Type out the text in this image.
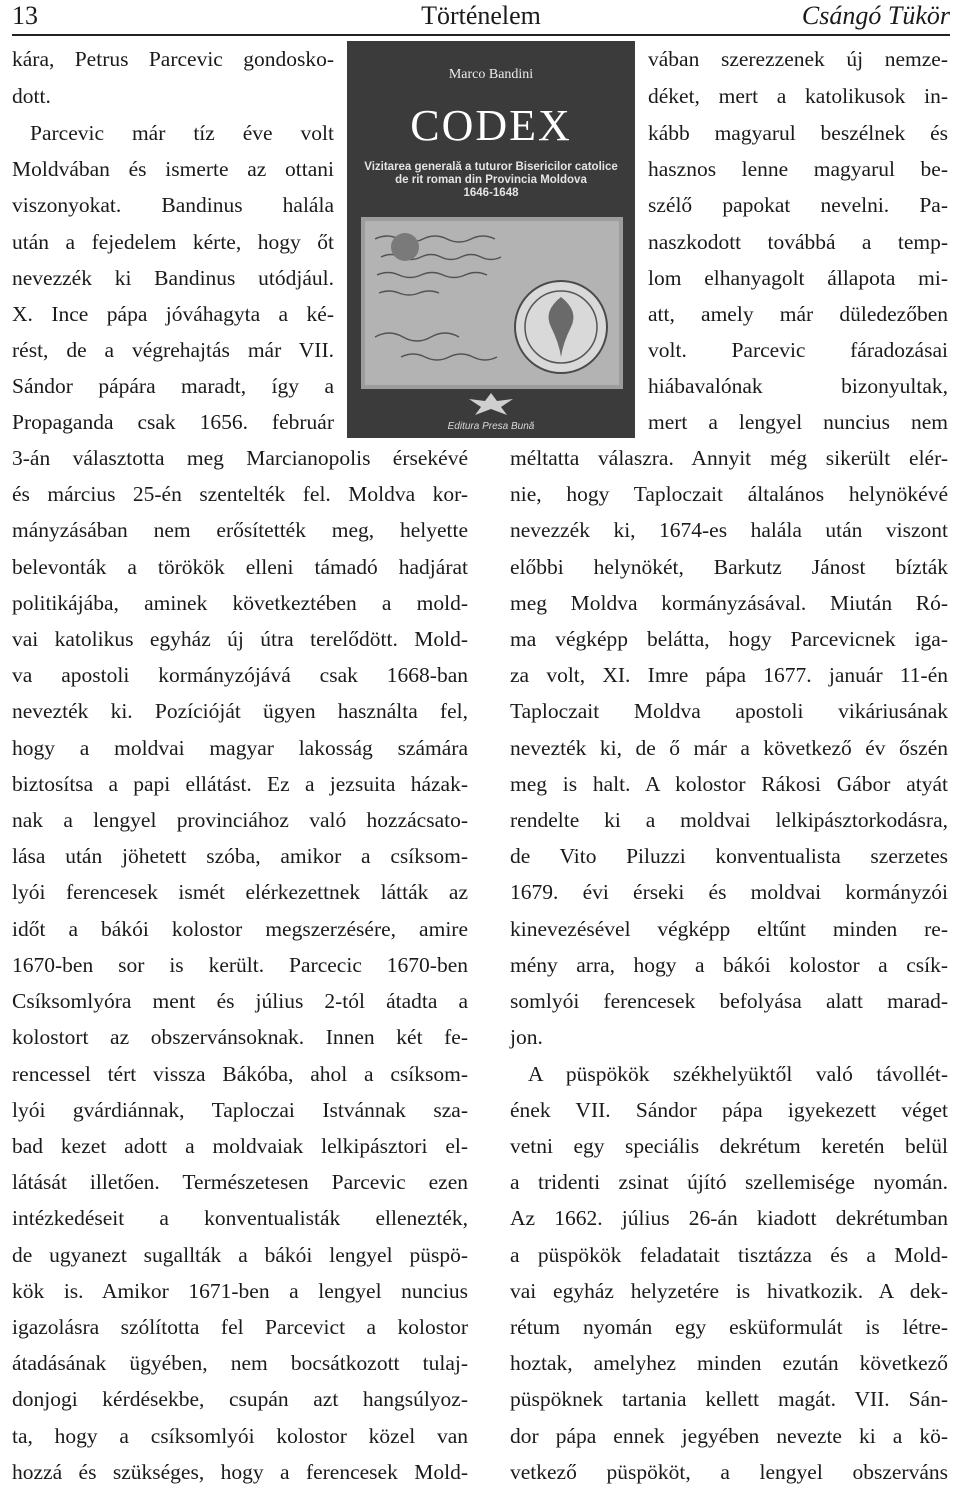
13	Történelem	Csángó Tükör
Marco Bandini
CODEX
Vizitarea generală a tuturor Bisericilor catolice
de rit roman din Provincia Moldova
1646-1648
Editura Presa Bună
kára, Petrus Parcevic gondosko-
dott.
Parcevic már tíz éve volt
Moldvában és ismerte az ottani
viszonyokat. Bandinus halála
után a fejedelem kérte, hogy őt
nevezzék ki Bandinus utódjául.
X. Ince pápa jóváhagyta a ké-
rést, de a végrehajtás már VII.
Sándor pápára maradt, így a
Propaganda csak 1656. február
3-án választotta meg Marcianopolis érsekévé
és március 25-én szentelték fel. Moldva kor-
mányzásában nem erősítették meg, helyette
belevonták a törökök elleni támadó hadjárat
politikájába, aminek következtében a mold-
vai katolikus egyház új útra terelődött. Mold-
va apostoli kormányzójává csak 1668-ban
nevezték ki. Pozícióját ügyen használta fel,
hogy a moldvai magyar lakosság számára
biztosítsa a papi ellátást. Ez a jezsuita házak-
nak a lengyel provinciához való hozzácsato-
lása után jöhetett szóba, amikor a csíksom-
lyói ferencesek ismét elérkezettnek látták az
időt a bákói kolostor megszerzésére, amire
1670-ben sor is került. Parcecic 1670-ben
Csíksomlyóra ment és július 2-tól átadta a
kolostort az obszervánsoknak. Innen két fe-
rencessel tért vissza Bákóba, ahol a csíksom-
lyói gvárdiánnak, Taploczai Istvánnak sza-
bad kezet adott a moldvaiak lelkipásztori el-
látását illetően. Természetesen Parcevic ezen
intézkedéseit a konventualisták ellenezték,
de ugyanezt sugallták a bákói lengyel püspö-
kök is. Amikor 1671-ben a lengyel nuncius
igazolásra szólította fel Parcevict a kolostor
átadásának ügyében, nem bocsátkozott tulaj-
donjogi kérdésekbe, csupán azt hangsúlyoz-
ta, hogy a csíksomlyói kolostor közel van
hozzá és szükséges, hogy a ferencesek Mold-
vában szerezzenek új nemze-
déket, mert a katolikusok in-
kább magyarul beszélnek és
hasznos lenne magyarul be-
szélő papokat nevelni. Pa-
naszkodott továbbá a temp-
lom elhanyagolt állapota mi-
att, amely már düledezőben
volt. Parcevic fáradozásai
hiábavalónak bizonyultak,
mert a lengyel nuncius nem
méltatta válaszra. Annyit még sikerült elér-
nie, hogy Taploczait általános helynökévé
nevezzék ki, 1674-es halála után viszont
előbbi helynökét, Barkutz Jánost bízták
meg Moldva kormányzásával. Miután Ró-
ma végképp belátta, hogy Parcevicnek iga-
za volt, XI. Imre pápa 1677. január 11-én
Taploczait Moldva apostoli vikáriusának
nevezték ki, de ő már a következő év őszén
meg is halt. A kolostor Rákosi Gábor atyát
rendelte ki a moldvai lelkipásztorkodásra,
de Vito Piluzzi konventualista szerzetes
1679. évi érseki és moldvai kormányzói
kinevezésével végképp eltűnt minden re-
mény arra, hogy a bákói kolostor a csík-
somlyói ferencesek befolyása alatt marad-
jon.
A püspökök székhelyüktől való távollét-
ének VII. Sándor pápa igyekezett véget
vetni egy speciális dekrétum keretén belül
a tridenti zsinat újító szellemisége nyomán.
Az 1662. július 26-án kiadott dekrétumban
a püspökök feladatait tisztázza és a Mold-
vai egyház helyzetére is hivatkozik. A dek-
rétum nyomán egy esküformulát is létre-
hoztak, amelyhez minden ezután következő
püspöknek tartania kellett magát. VII. Sán-
dor pápa ennek jegyében nevezte ki a kö-
vetkező püspököt, a lengyel obszerváns
